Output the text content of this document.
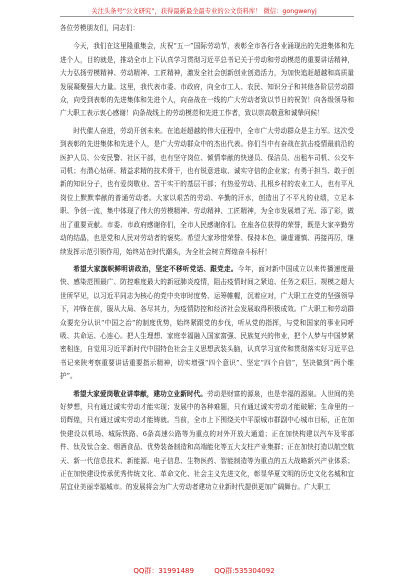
关注头条号“公文研究”，获得最新最全最专业的公文资料库！ 微信：gongwenyj

各位劳模朋友们，同志们：

今天，我们在这里隆重集会，庆祝“五一”国际劳动节，表彰全市各行各业涌现出的先进集体和先进个人，目的就是，推动全市上下认真学习贯彻习近平总书记关于劳动和劳动模范的重要讲话精神，大力弘扬劳模精神、劳动精神、工匠精神，激发全社会创新创业创造活力，为加快追赶超越和高质量发展凝聚强大力量。这里，我代表市委、市政府，向全市工人、农民、知识分子和其他各阶层劳动群众，向受到表彰的先进集体和先进个人，向奋战在一线的广大劳动者致以节日的祝贺！向各级领导和广大职工表示衷心感谢！向条战线上的劳动模范和先进工作者，致以崇高敬意和诚挚问候！

时代催人奋进，劳动开创未来。在追赶超越的伟大征程中，全市广大劳动群众是主力军。这次受到表彰的先进集体和先进个人，是广大劳动群众中的杰出代表。你们当中有奋战在抗击疫情最前沿的医护人员、公安民警、社区干部，也有坚守岗位、倾情奉献的快递员、保洁员、出租车司机、公交车司机；有潜心钻研、精益求精的技术骨干，也有锐意进取、诚实守信的企业家；有勇于担当、敢于创新的知识分子，也有爱岗敬业、苦干实干的基层干部；有热爱劳动、扎根乡村的农业工人，也有平凡岗位上默默奉献的普通劳动者。大家以艰苦的劳动、辛勤的汗水，创造出了不平凡的业绩，立足本职、争创一流，集中体现了伟大的劳模精神、劳动精神、工匠精神，为全市发展增了光、添了彩，做出了重要贡献。市委、市政府感谢你们，全市人民感谢你们。在座各位获得的荣誉，既是大家辛勤劳动的结晶，也是党和人民对劳动者的褒奖。希望大家珍惜荣誉、保持本色，谦虚谨慎、再接再厉，继续发挥示范引领作用，始终站在时代潮头，为全社会树立辉煌奋斗标杆！

希望大家旗帜鲜明讲政治，坚定不移听党话、跟党走。今年，面对新中国成立以来传播速度最快、感染范围最广、防控难度最大的新冠肺炎疫情，阻击疫情时间之紧迫、任务之艰巨、规模之超大世所罕见，以习近平同志为核心的党中央审时度势、运筹帷幄，沉着应对，广大职工在党的坚强领导下，冲锋在前，服从大局、各尽其力，为疫情防控和经济社会发展取得积极成效。广大职工和劳动群众要充分认识“中国之治”的制度优势，始终紧跟党的步伐，听从党的指挥，与党和国家的事业同呼吸、共命运、心连心。把人生理想、家庭幸福融入国家富强、民族复兴的伟业，把个人梦与中国梦紧密相连，自觉用习近平新时代中国特色社会主义思想武装头脑，认真学习宣传和贯彻落实好习近平总书记来陕考察重要讲话重要指示精神，切实增强“四个意识”、坚定“四个自信”，坚决做到“两个维护”。

希望大家爱岗敬业讲奉献，建功立业新时代。劳动是财富的源泉，也是幸福的源泉。人世间的美好梦想，只有通过诚实劳动才能实现；发展中的各种难题，只有通过诚实劳动才能破解；生命里的一切辉煌，只有通过诚实劳动才能铸就。当前，全市上下围绕关中平原城市群副中心城市目标，正在加快建设以机场、城际铁路、6条高速公路等为重点的对外开放大通道；正在加快构建以汽车及零部件、钛及钛合金、烟酒食品、优势装备制造和高端能化等五大支柱产业集群；正在加快打造以航空航天、新一代信息技术、新能源、电子信息、生物医药、智能制造等为重点的五大战略新兴产业体系；正在加快建设传承优秀传统文化、革命文化、社会主义先进文化，彰显华夏文明的历史文化名城和宜居宜业美丽幸福城市。的发展将会为广大劳动者建功立业新时代提供更加广阔舞台。广大职工

QQ群：31991489	QQ群:535304092
